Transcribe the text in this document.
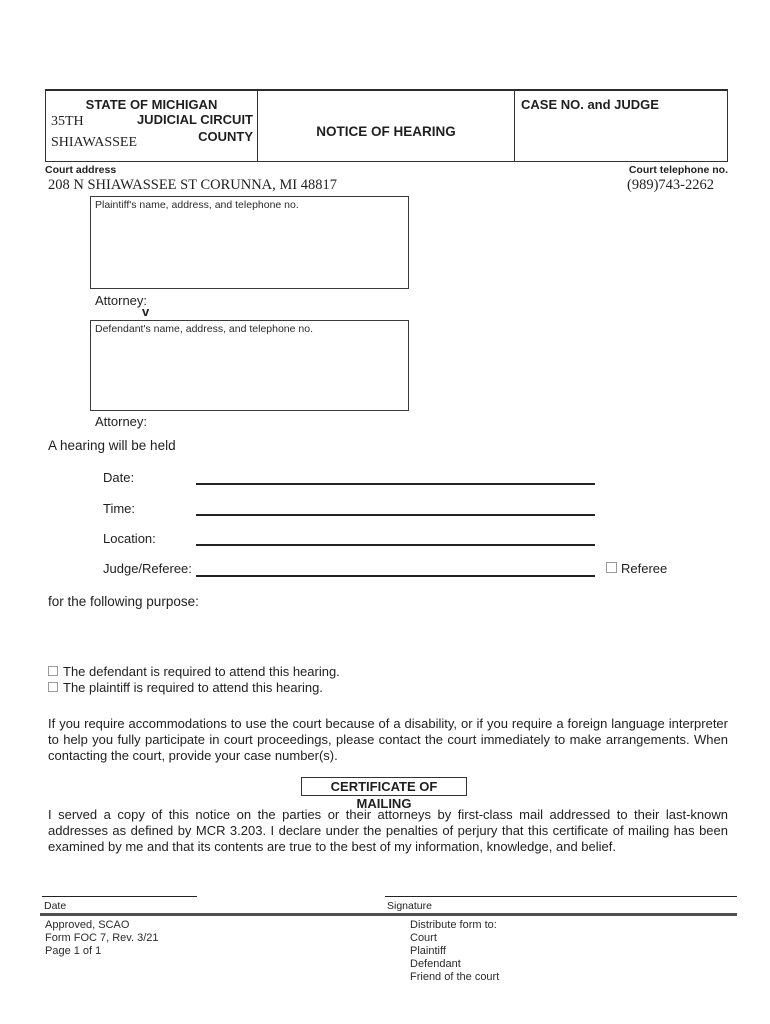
STATE OF MICHIGAN
35TH	JUDICIAL CIRCUIT
COUNTY
SHIAWASSEE
NOTICE OF HEARING
CASE NO. and JUDGE
Court address	Court telephone no.
208 N SHIAWASSEE ST CORUNNA, MI 48817	(989)743-2262
Plaintiff's name, address, and telephone no.
Attorney:
v
Defendant's name, address, and telephone no.
Attorney:
A hearing will be held
Date:
Time:
Location:
Judge/Referee:	Referee
for the following purpose:
The defendant is required to attend this hearing.
The plaintiff is required to attend this hearing.
If you require accommodations to use the court because of a disability, or if you require a foreign language interpreter to help you fully participate in court proceedings, please contact the court immediately to make arrangements. When contacting the court, provide your case number(s).
CERTIFICATE OF MAILING
I served a copy of this notice on the parties or their attorneys by first-class mail addressed to their last-known addresses as defined by MCR 3.203. I declare under the penalties of perjury that this certificate of mailing has been examined by me and that its contents are true to the best of my information, knowledge, and belief.
Date	Signature
Approved, SCAO
Form FOC 7, Rev. 3/21
Page 1 of 1
Distribute form to:
Court
Plaintiff
Defendant
Friend of the court
